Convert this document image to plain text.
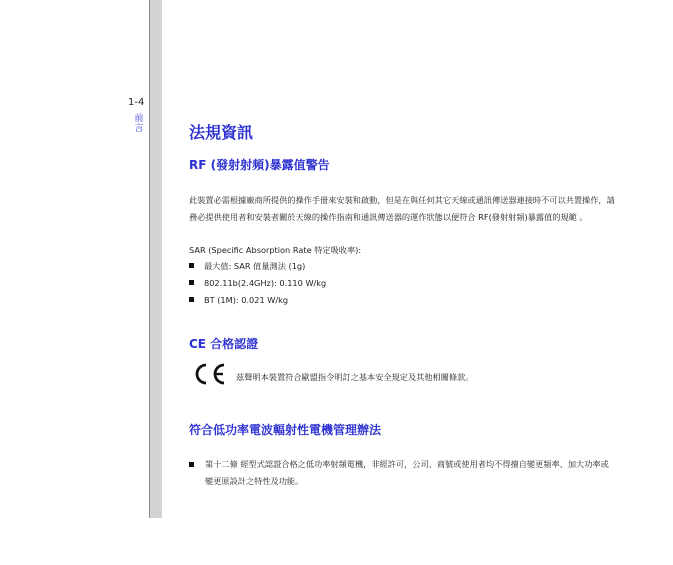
1-4
前言	法規資訊
RF (發射射頻)暴露值警告

此裝置必需根據廠商所提供的操作手冊來安裝和啟動，但是在與任何其它天線或通訊傳送器連接時不可以共置操作，請務必提供使用者和安裝者關於天線的操作指南和通訊傳送器的運作狀態以便符合 RF(發射射頻)暴露值的規範 。

SAR (Specific Absorption Rate 特定吸收率):
最大值: SAR 值量測法 (1g)
802.11b(2.4GHz): 0.110 W/kg
BT (1M): 0.021 W/kg
CE 合格認證
茲聲明本裝置符合歐盟指令明訂之基本安全規定及其他相關條款。
符合低功率電波輻射性電機管理辦法
第十二條 經型式認證合格之低功率射頻電機，非經許可，公司、商號或使用者均不得擅自變更頻率、加大功率或變更原設計之特性及功能。
